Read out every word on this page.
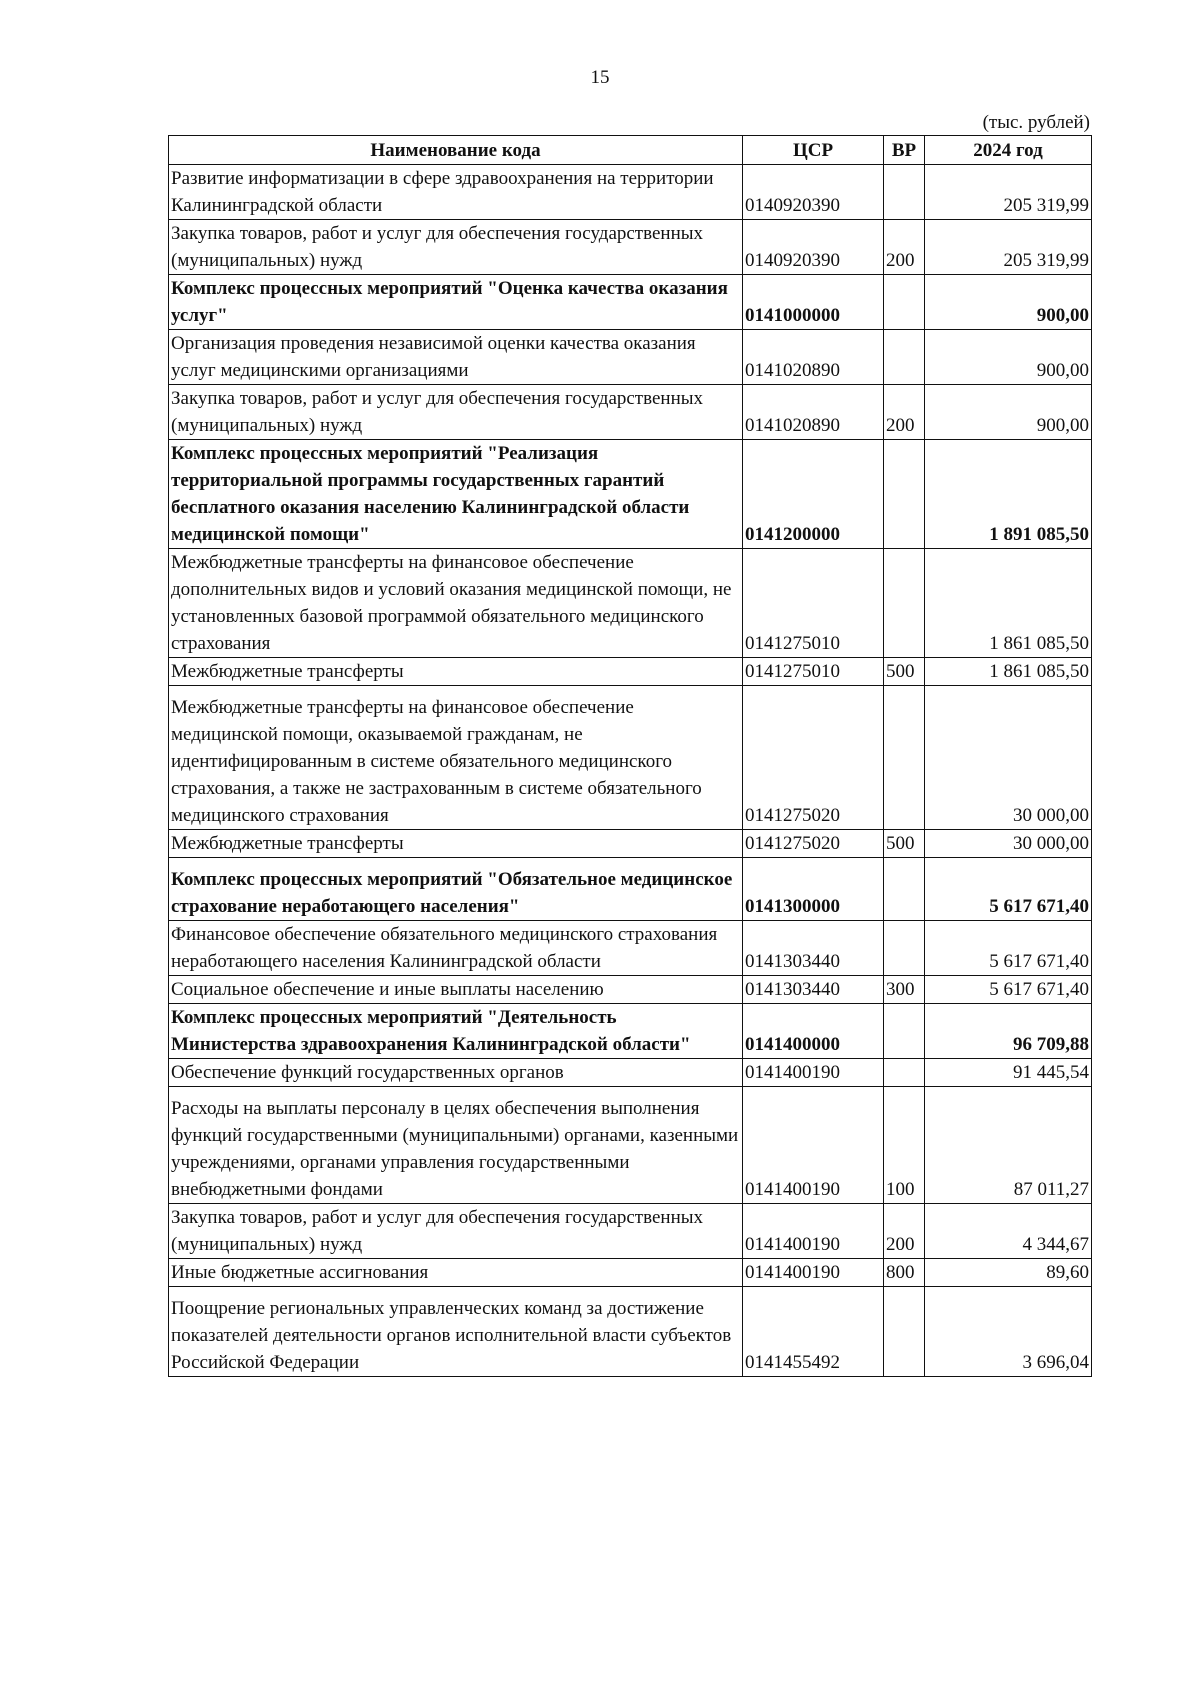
15
(тыс. рублей)
Наименование кода	ЦСР	ВР	2024 год
Развитие информатизации в сфере здравоохранения на территории Калининградской области	0140920390		205 319,99
Закупка товаров, работ и услуг для обеспечения государственных (муниципальных) нужд	0140920390	200	205 319,99
Комплекс процессных мероприятий "Оценка качества оказания услуг"	0141000000		900,00
Организация проведения независимой оценки качества оказания услуг медицинскими организациями	0141020890		900,00
Закупка товаров, работ и услуг для обеспечения государственных (муниципальных) нужд	0141020890	200	900,00
Комплекс процессных мероприятий "Реализация территориальной программы государственных гарантий бесплатного оказания населению Калининградской области медицинской помощи"	0141200000		1 891 085,50
Межбюджетные трансферты на финансовое обеспечение дополнительных видов и условий оказания медицинской помощи, не установленных базовой программой обязательного медицинского страхования	0141275010		1 861 085,50
Межбюджетные трансферты	0141275010	500	1 861 085,50
Межбюджетные трансферты на финансовое обеспечение медицинской помощи, оказываемой гражданам, не идентифицированным в системе обязательного медицинского страхования, а также не застрахованным в системе обязательного медицинского страхования	0141275020		30 000,00
Межбюджетные трансферты	0141275020	500	30 000,00
Комплекс процессных мероприятий "Обязательное медицинское страхование неработающего населения"	0141300000		5 617 671,40
Финансовое обеспечение обязательного медицинского страхования неработающего населения Калининградской области	0141303440		5 617 671,40
Социальное обеспечение и иные выплаты населению	0141303440	300	5 617 671,40
Комплекс процессных мероприятий "Деятельность Министерства здравоохранения Калининградской области"	0141400000		96 709,88
Обеспечение функций государственных органов	0141400190		91 445,54
Расходы на выплаты персоналу в целях обеспечения выполнения функций государственными (муниципальными) органами, казенными учреждениями, органами управления государственными внебюджетными фондами	0141400190	100	87 011,27
Закупка товаров, работ и услуг для обеспечения государственных (муниципальных) нужд	0141400190	200	4 344,67
Иные бюджетные ассигнования	0141400190	800	89,60
Поощрение региональных управленческих команд за достижение показателей деятельности органов исполнительной власти субъектов Российской Федерации	0141455492		3 696,04
